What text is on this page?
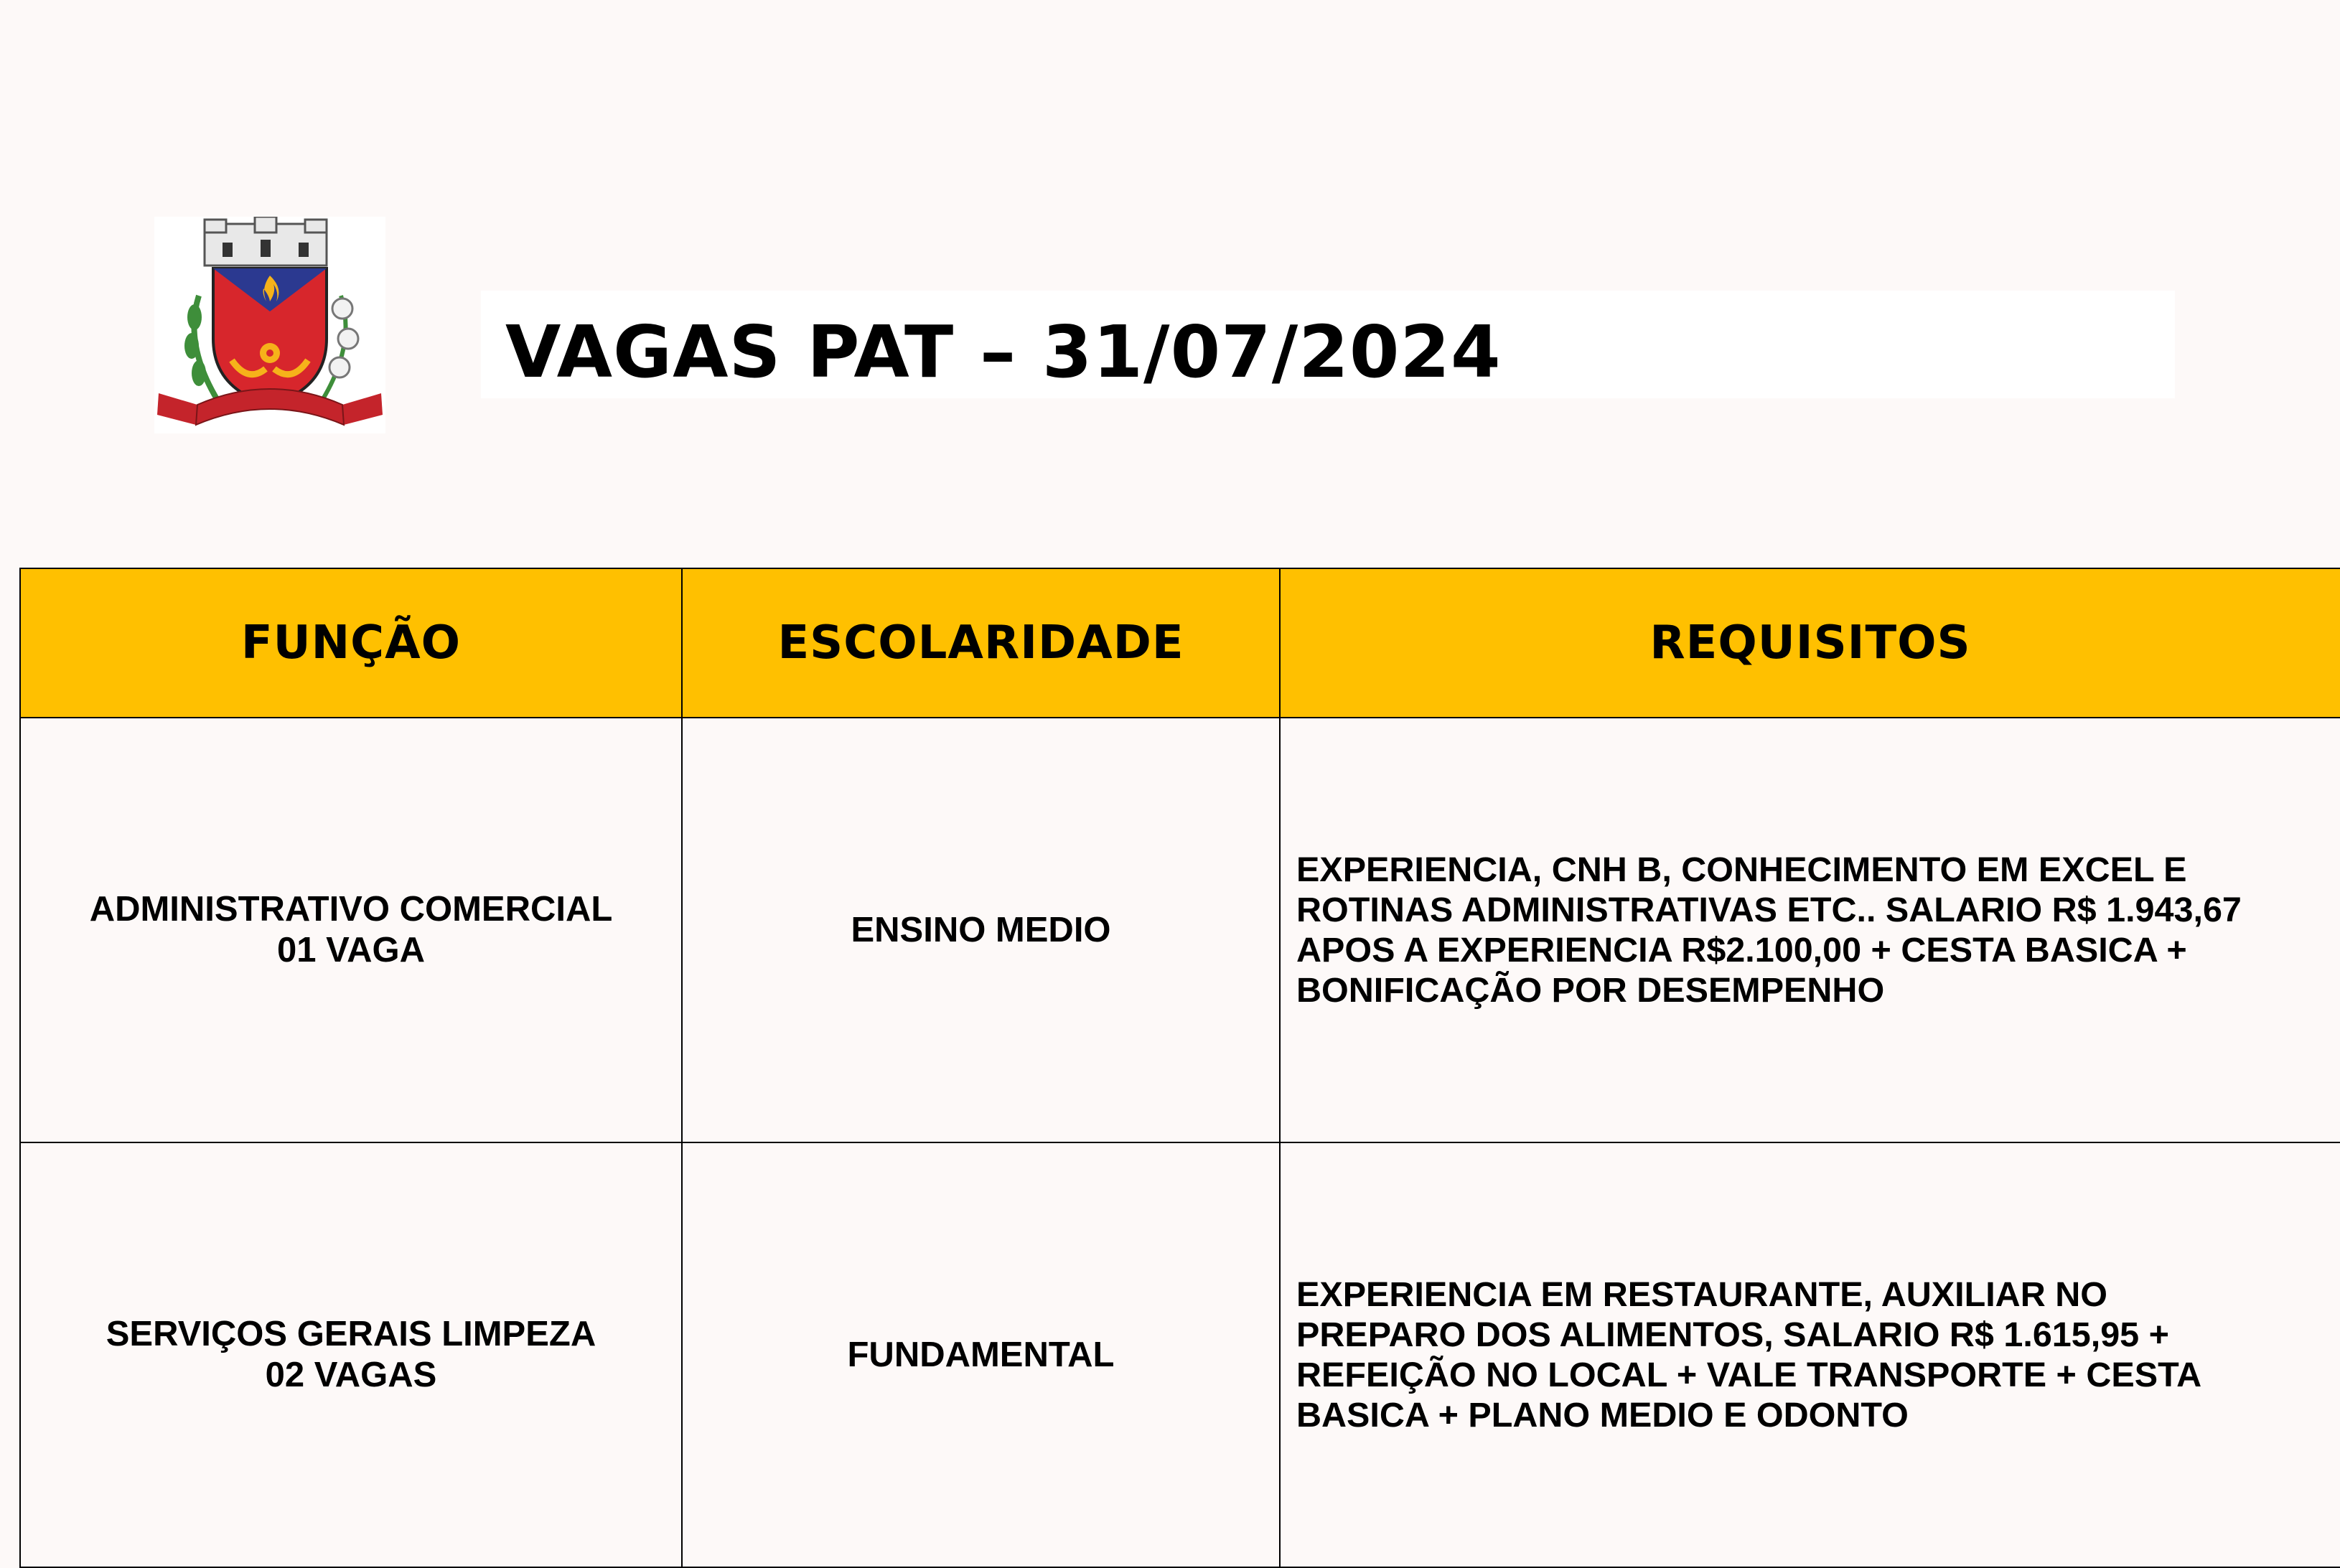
VAGAS PAT – 31/07/2024
FUNÇÃO	ESCOLARIDADE	REQUISITOS

ADMINISTRATIVO COMERCIAL
01 VAGA	ENSINO MEDIO	EXPERIENCIA, CNH B, CONHECIMENTO EM EXCEL E
ROTINAS ADMINISTRATIVAS ETC.. SALARIO R$ 1.943,67
APOS A EXPERIENCIA R$2.100,00 + CESTA BASICA +
BONIFICAÇÃO POR DESEMPENHO

SERVIÇOS GERAIS LIMPEZA
02 VAGAS	FUNDAMENTAL	EXPERIENCIA EM RESTAURANTE, AUXILIAR NO
PREPARO DOS ALIMENTOS, SALARIO R$ 1.615,95 +
REFEIÇÃO NO LOCAL + VALE TRANSPORTE + CESTA
BASICA + PLANO MEDIO E ODONTO
